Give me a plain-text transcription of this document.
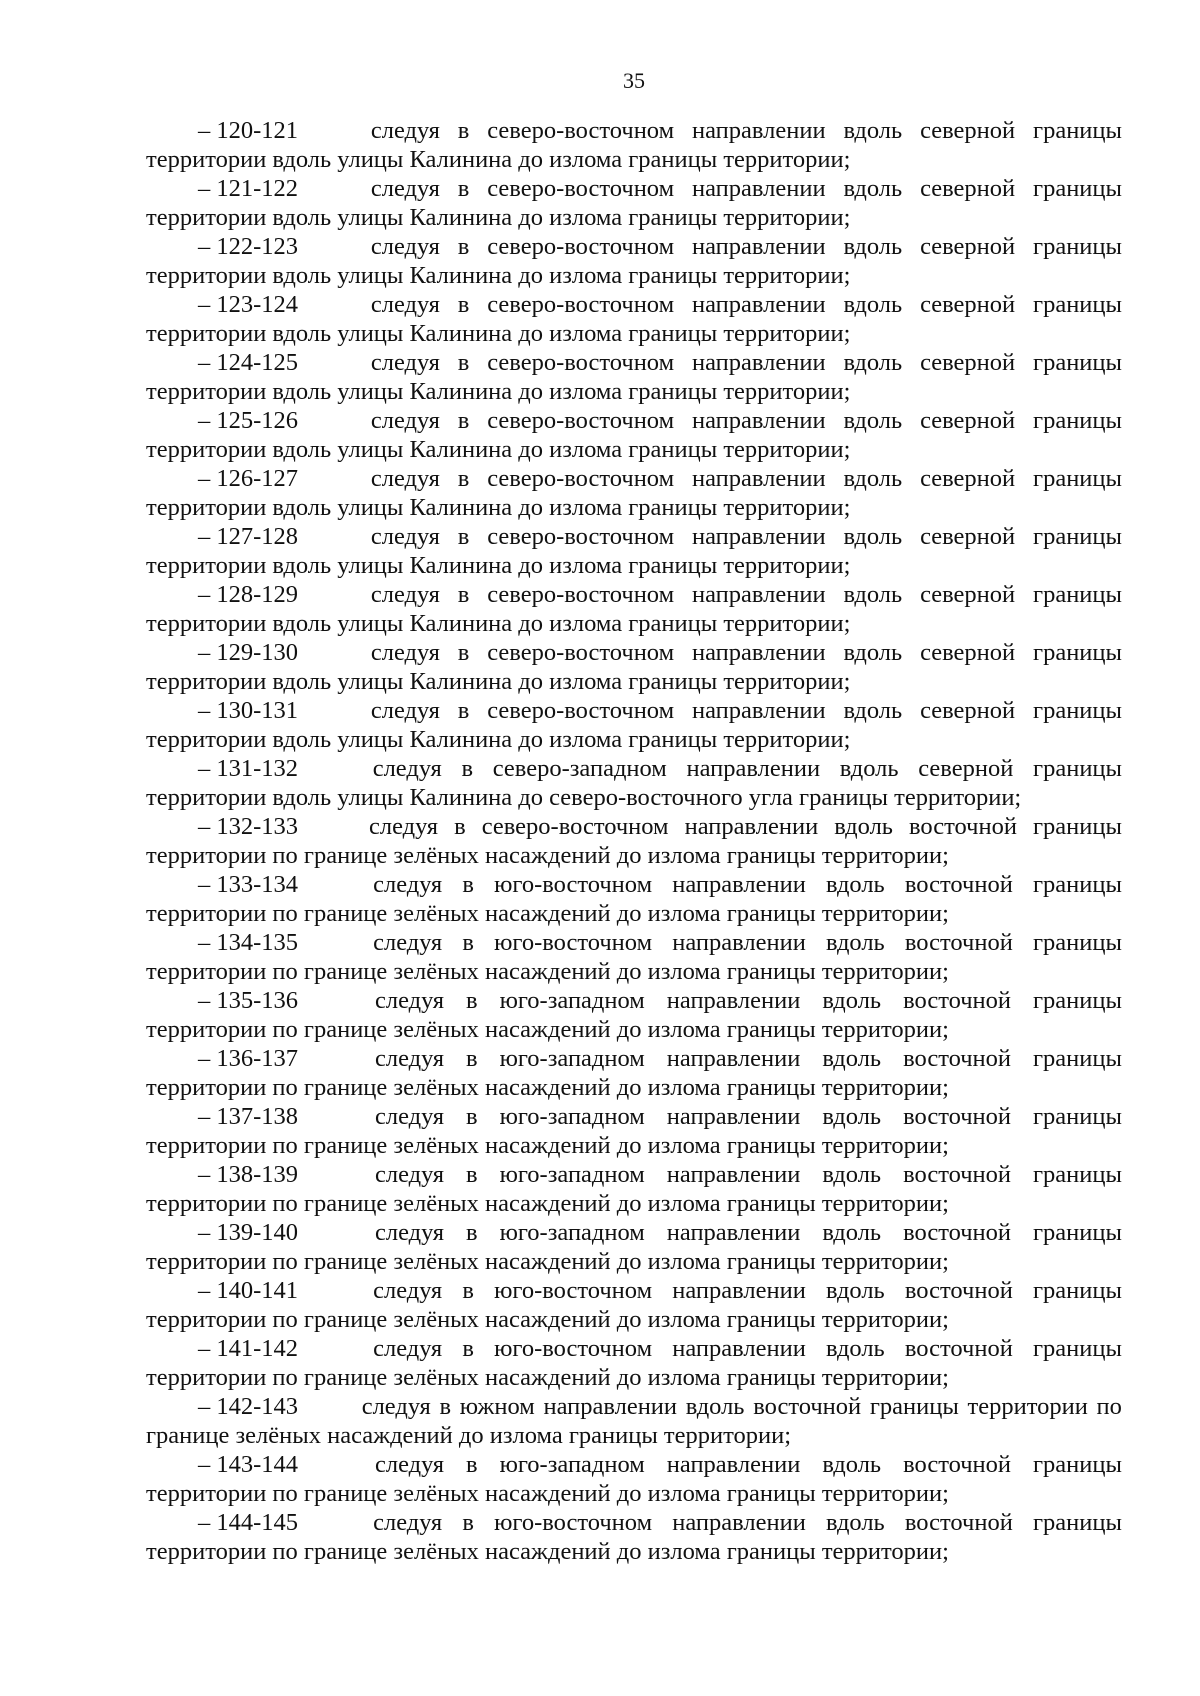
35
– 120-121	следуя в северо-восточном направлении вдоль северной границы
территории вдоль улицы Калинина до излома границы территории;
– 121-122	следуя в северо-восточном направлении вдоль северной границы
территории вдоль улицы Калинина до излома границы территории;
– 122-123	следуя в северо-восточном направлении вдоль северной границы
территории вдоль улицы Калинина до излома границы территории;
– 123-124	следуя в северо-восточном направлении вдоль северной границы
территории вдоль улицы Калинина до излома границы территории;
– 124-125	следуя в северо-восточном направлении вдоль северной границы
территории вдоль улицы Калинина до излома границы территории;
– 125-126	следуя в северо-восточном направлении вдоль северной границы
территории вдоль улицы Калинина до излома границы территории;
– 126-127	следуя в северо-восточном направлении вдоль северной границы
территории вдоль улицы Калинина до излома границы территории;
– 127-128	следуя в северо-восточном направлении вдоль северной границы
территории вдоль улицы Калинина до излома границы территории;
– 128-129	следуя в северо-восточном направлении вдоль северной границы
территории вдоль улицы Калинина до излома границы территории;
– 129-130	следуя в северо-восточном направлении вдоль северной границы
территории вдоль улицы Калинина до излома границы территории;
– 130-131	следуя в северо-восточном направлении вдоль северной границы
территории вдоль улицы Калинина до излома границы территории;
– 131-132	следуя в северо-западном направлении вдоль северной границы
территории вдоль улицы Калинина до северо-восточного угла границы территории;
– 132-133	следуя в северо-восточном направлении вдоль восточной границы
территории по границе зелёных насаждений до излома границы территории;
– 133-134	следуя в юго-восточном направлении вдоль восточной границы
территории по границе зелёных насаждений до излома границы территории;
– 134-135	следуя в юго-восточном направлении вдоль восточной границы
территории по границе зелёных насаждений до излома границы территории;
– 135-136	следуя в юго-западном направлении вдоль восточной границы
территории по границе зелёных насаждений до излома границы территории;
– 136-137	следуя в юго-западном направлении вдоль восточной границы
территории по границе зелёных насаждений до излома границы территории;
– 137-138	следуя в юго-западном направлении вдоль восточной границы
территории по границе зелёных насаждений до излома границы территории;
– 138-139	следуя в юго-западном направлении вдоль восточной границы
территории по границе зелёных насаждений до излома границы территории;
– 139-140	следуя в юго-западном направлении вдоль восточной границы
территории по границе зелёных насаждений до излома границы территории;
– 140-141	следуя в юго-восточном направлении вдоль восточной границы
территории по границе зелёных насаждений до излома границы территории;
– 141-142	следуя в юго-восточном направлении вдоль восточной границы
территории по границе зелёных насаждений до излома границы территории;
– 142-143	следуя в южном направлении вдоль восточной границы территории по
границе зелёных насаждений до излома границы территории;
– 143-144	следуя в юго-западном направлении вдоль восточной границы
территории по границе зелёных насаждений до излома границы территории;
– 144-145	следуя в юго-восточном направлении вдоль восточной границы
территории по границе зелёных насаждений до излома границы территории;
